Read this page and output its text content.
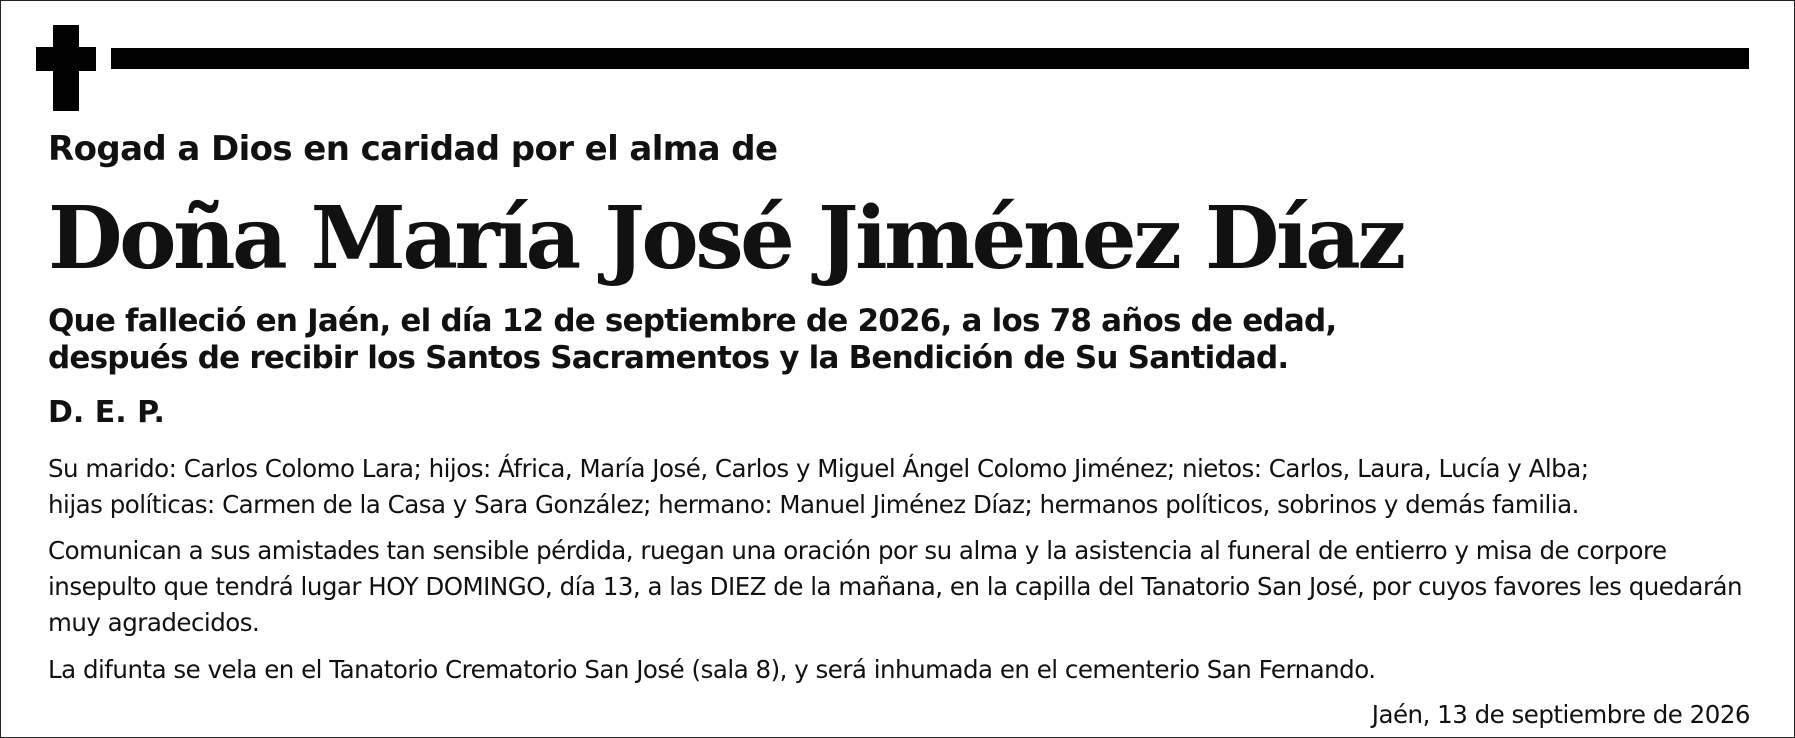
Rogad a Dios en caridad por el alma de

Doña María José Jiménez Díaz

Que falleció en Jaén, el día 12 de septiembre de 2026, a los 78 años de edad,
después de recibir los Santos Sacramentos y la Bendición de Su Santidad.

D. E. P.

Su marido: Carlos Colomo Lara; hijos: África, María José, Carlos y Miguel Ángel Colomo Jiménez; nietos: Carlos, Laura, Lucía y Alba;
hijas políticas: Carmen de la Casa y Sara González; hermano: Manuel Jiménez Díaz; hermanos políticos, sobrinos y demás familia.
Comunican a sus amistades tan sensible pérdida, ruegan una oración por su alma y la asistencia al funeral de entierro y misa de corpore
insepulto que tendrá lugar HOY DOMINGO, día 13, a las DIEZ de la mañana, en la capilla del Tanatorio San José, por cuyos favores les quedarán
muy agradecidos.

La difunta se vela en el Tanatorio Crematorio San José (sala 8), y será inhumada en el cementerio San Fernando.

Jaén, 13 de septiembre de 2026
